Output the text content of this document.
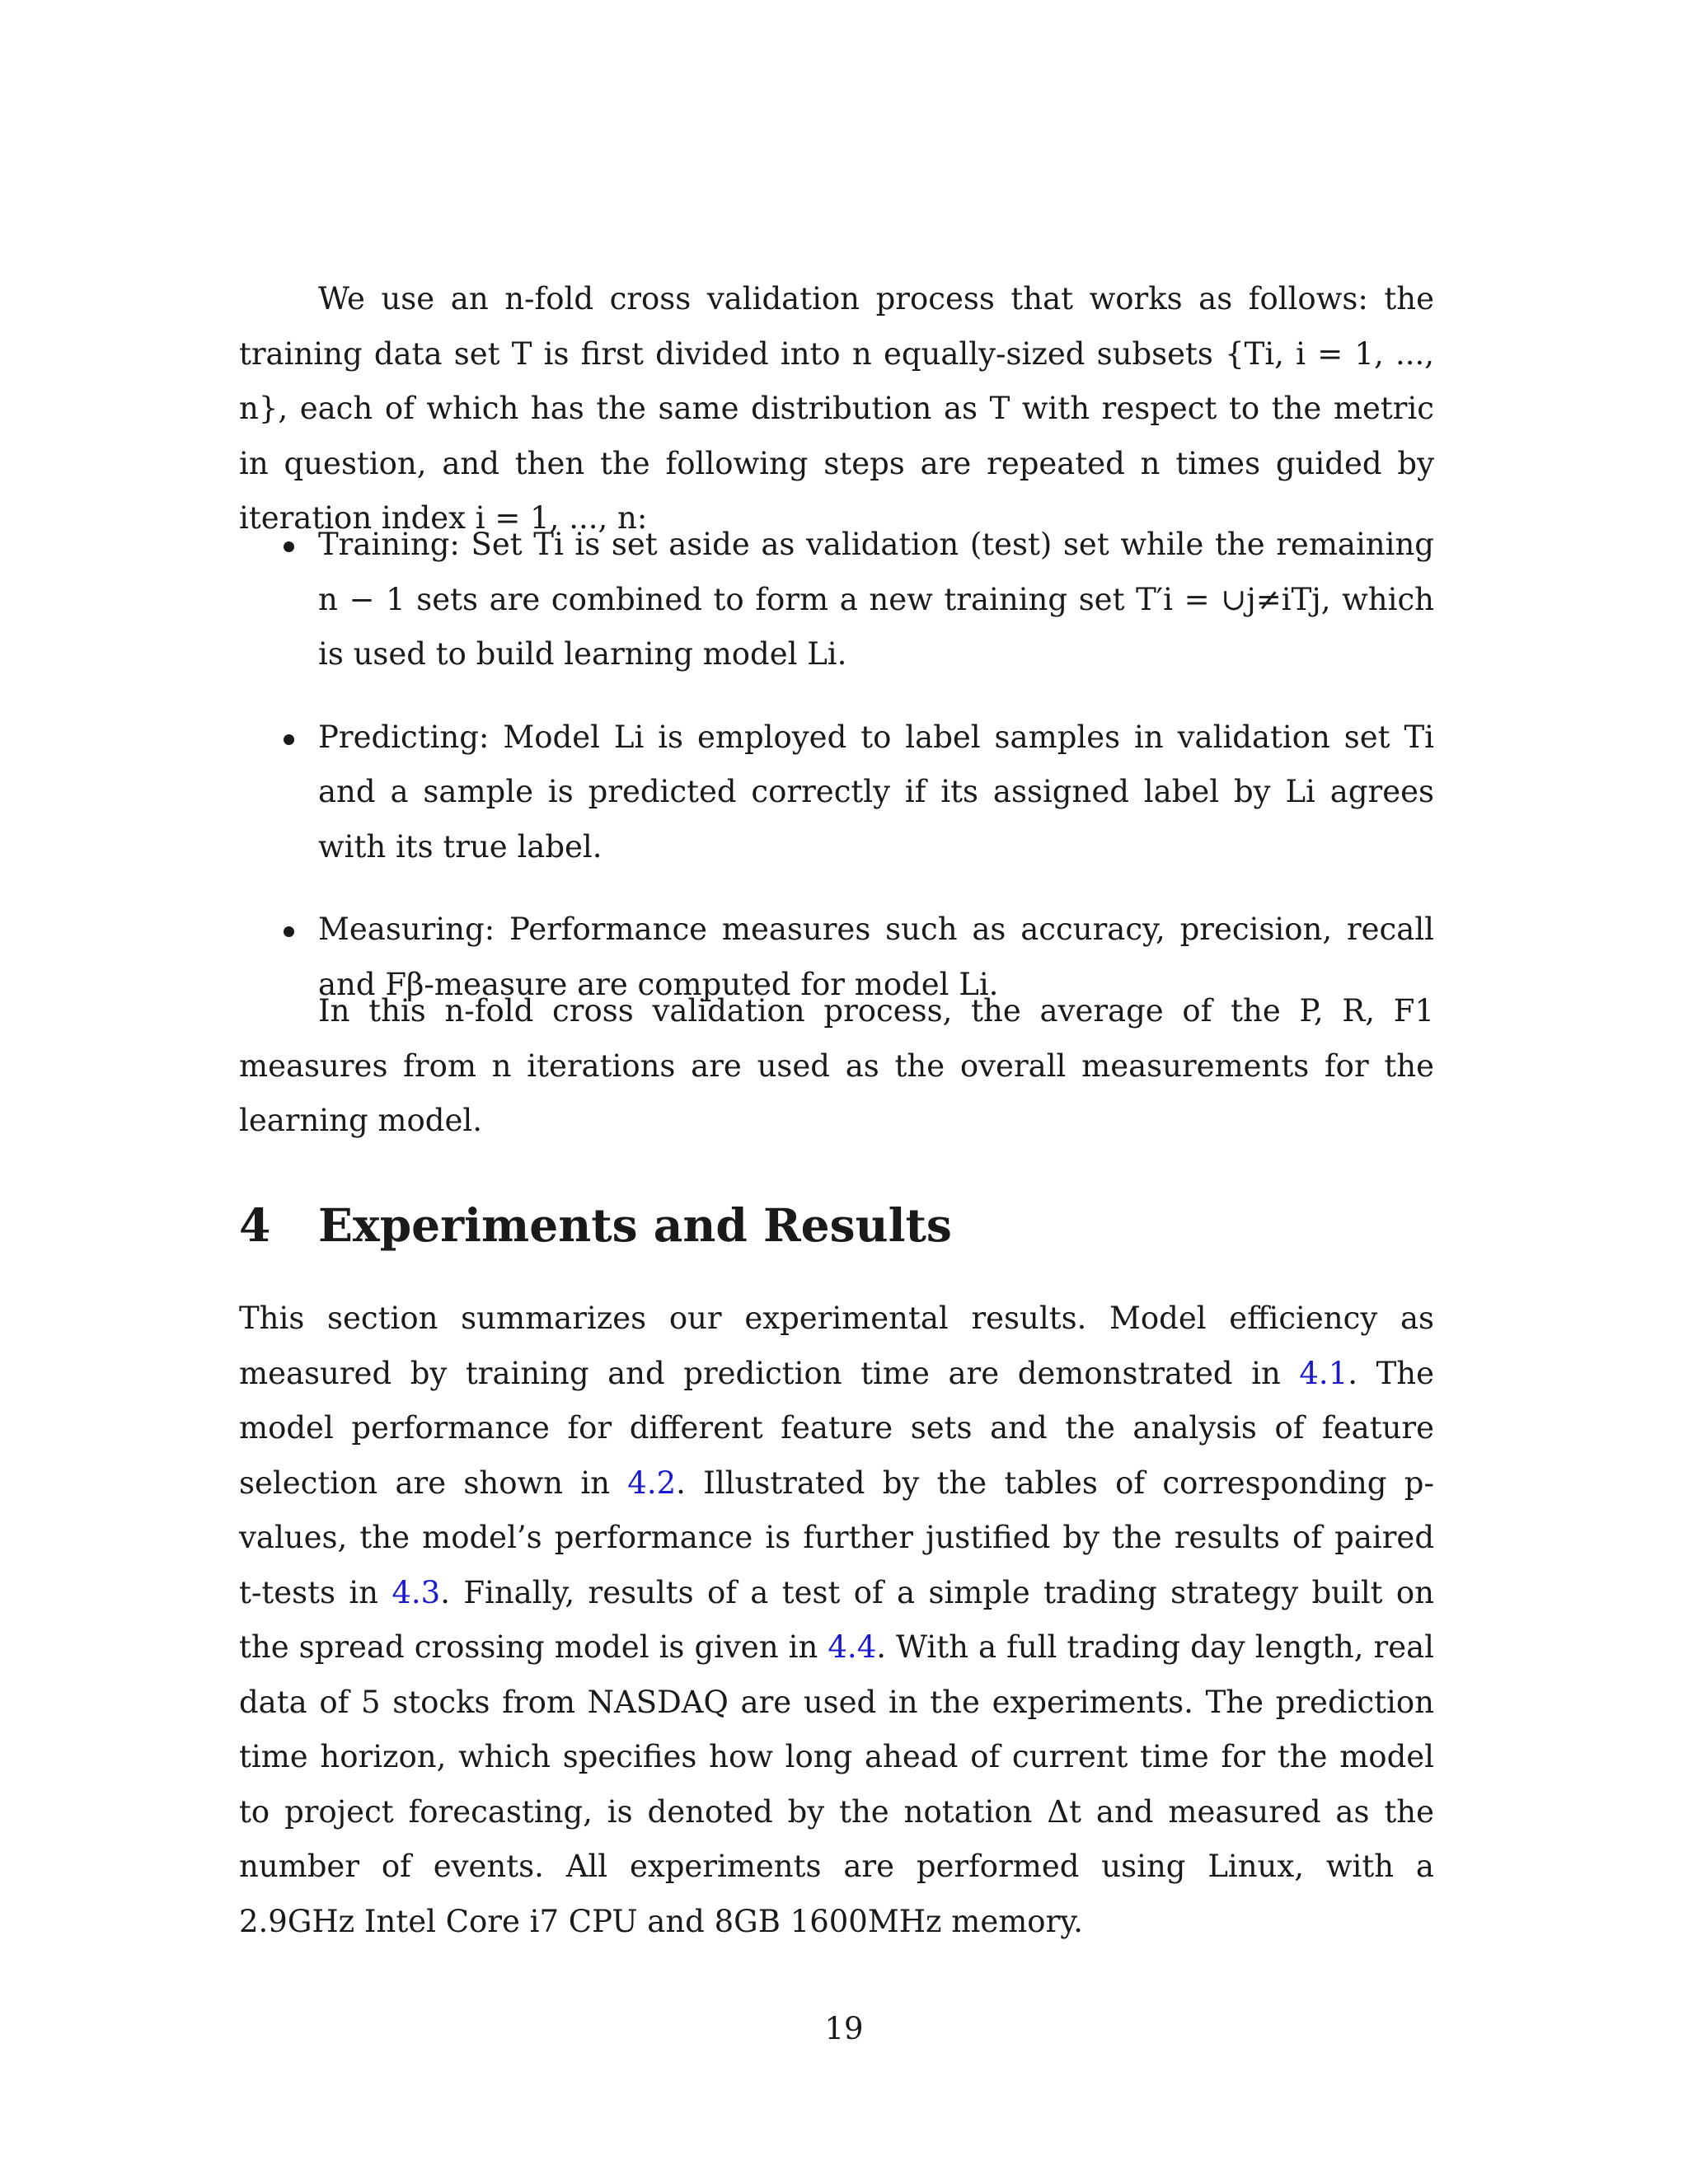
We use an n-fold cross validation process that works as follows: the training data set T is first divided into n equally-sized subsets {Ti, i = 1, ..., n}, each of which has the same distribution as T with respect to the metric in question, and then the following steps are repeated n times guided by iteration index i = 1, ..., n:
Training: Set Ti is set aside as validation (test) set while the remaining n − 1 sets are combined to form a new training set T′i = ∪j≠iTj, which is used to build learning model Li.
Predicting: Model Li is employed to label samples in validation set Ti and a sample is predicted correctly if its assigned label by Li agrees with its true label.
Measuring: Performance measures such as accuracy, precision, recall and Fβ-measure are computed for model Li.
In this n-fold cross validation process, the average of the P, R, F1 measures from n iterations are used as the overall measurements for the learning model.
4 Experiments and Results
This section summarizes our experimental results. Model efficiency as measured by training and prediction time are demonstrated in 4.1. The model performance for different feature sets and the analysis of feature selection are shown in 4.2. Illustrated by the tables of corresponding p-values, the model’s performance is further justified by the results of paired t-tests in 4.3. Finally, results of a test of a simple trading strategy built on the spread crossing model is given in 4.4. With a full trading day length, real data of 5 stocks from NASDAQ are used in the experiments. The prediction time horizon, which specifies how long ahead of current time for the model to project forecasting, is denoted by the notation Δt and measured as the number of events. All experiments are performed using Linux, with a 2.9GHz Intel Core i7 CPU and 8GB 1600MHz memory.
19
